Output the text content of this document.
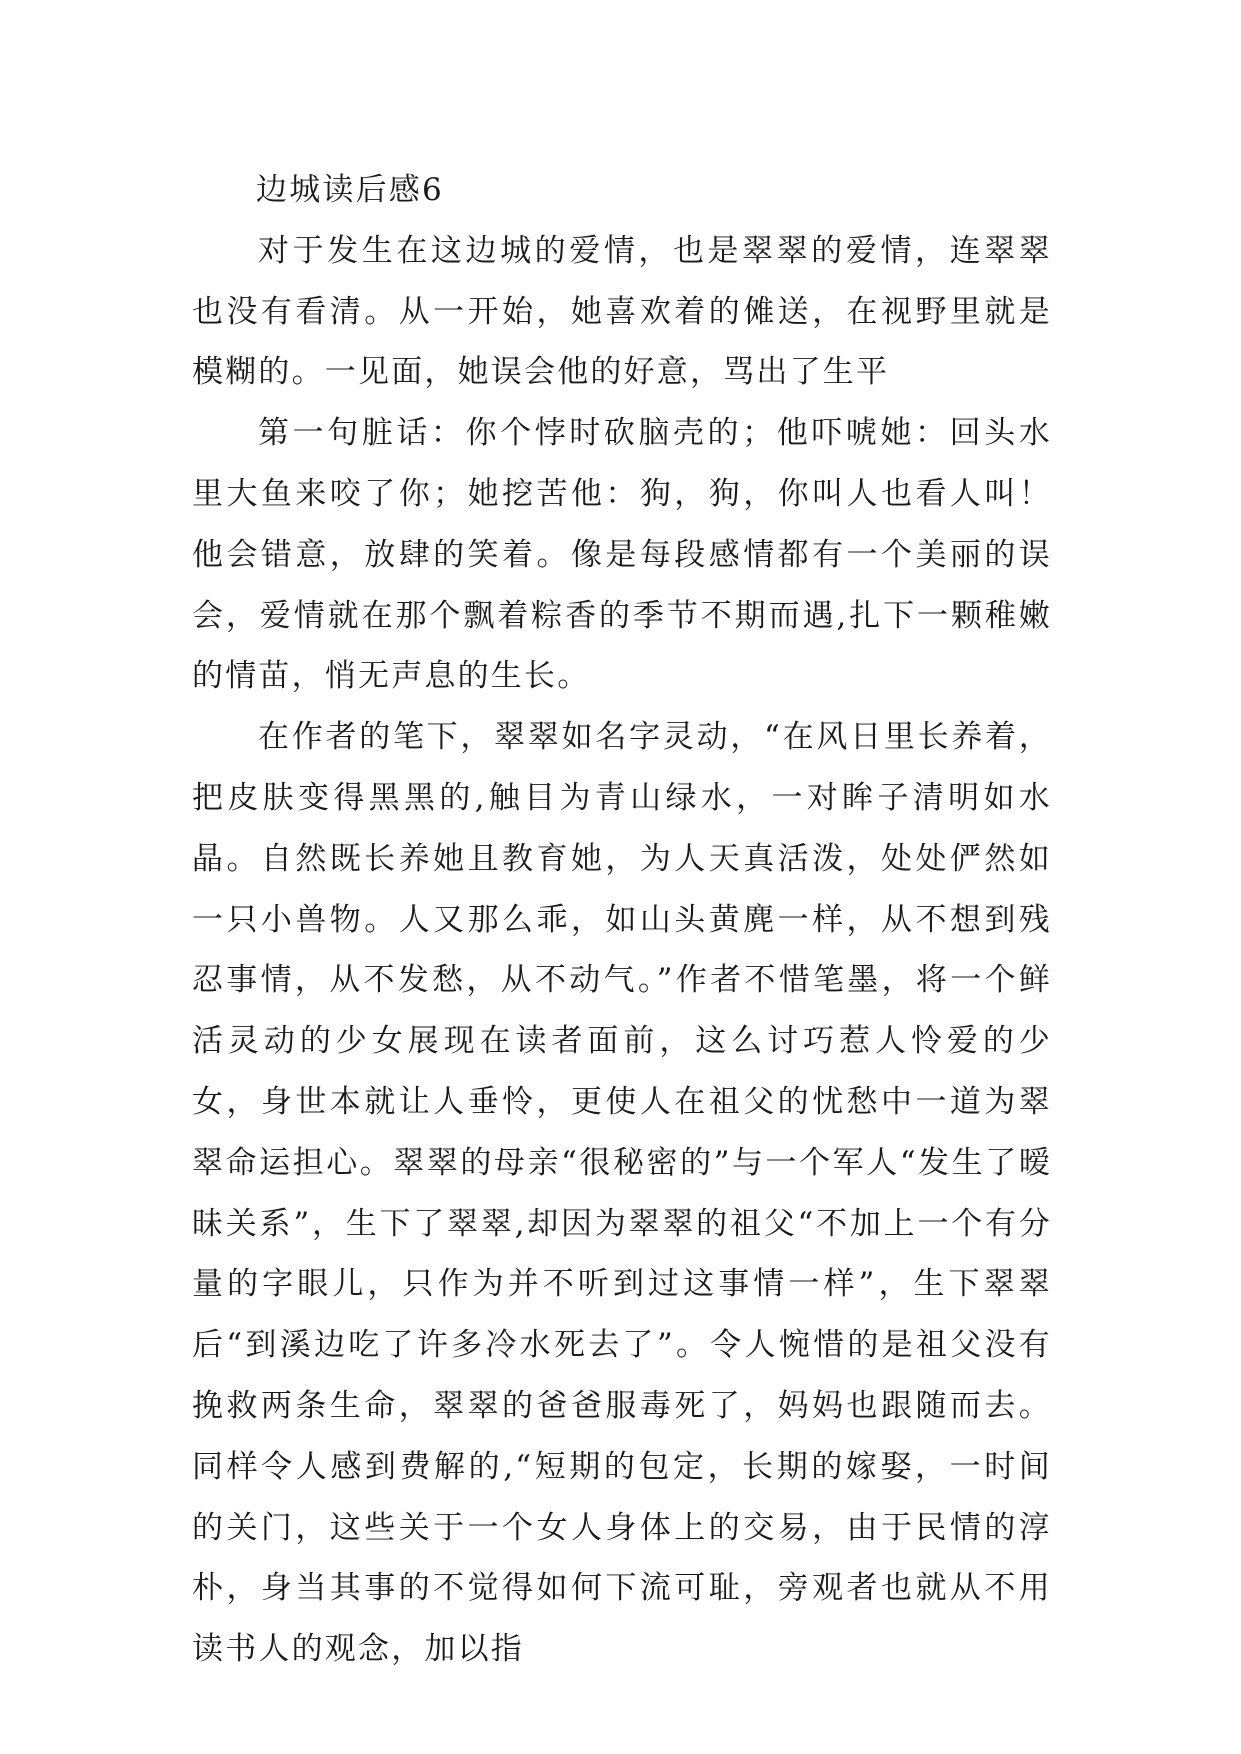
边城读后感6

对于发生在这边城的爱情，也是翠翠的爱情，连翠翠也没有看清。从一开始，她喜欢着的傩送，在视野里就是模糊的。一见面，她误会他的好意，骂出了生平

第一句脏话：你个悖时砍脑壳的；他吓唬她：回头水里大鱼来咬了你；她挖苦他：狗，狗，你叫人也看人叫！他会错意，放肆的笑着。像是每段感情都有一个美丽的误会，爱情就在那个飘着粽香的季节不期而遇,扎下一颗稚嫩的情苗，悄无声息的生长。

在作者的笔下，翠翠如名字灵动，“在风日里长养着，把皮肤变得黑黑的,触目为青山绿水，一对眸子清明如水晶。自然既长养她且教育她，为人天真活泼，处处俨然如一只小兽物。人又那么乖，如山头黄麂一样，从不想到残忍事情，从不发愁，从不动气。”作者不惜笔墨，将一个鲜活灵动的少女展现在读者面前，这么讨巧惹人怜爱的少女，身世本就让人垂怜，更使人在祖父的忧愁中一道为翠翠命运担心。翠翠的母亲“很秘密的”与一个军人“发生了暧昧关系”，生下了翠翠,却因为翠翠的祖父“不加上一个有分量的字眼儿，只作为并不听到过这事情一样”，生下翠翠后“到溪边吃了许多冷水死去了”。令人惋惜的是祖父没有挽救两条生命，翠翠的爸爸服毒死了，妈妈也跟随而去。同样令人感到费解的,“短期的包定，长期的嫁娶，一时间的关门，这些关于一个女人身体上的交易，由于民情的淳朴，身当其事的不觉得如何下流可耻，旁观者也就从不用读书人的观念，加以指
